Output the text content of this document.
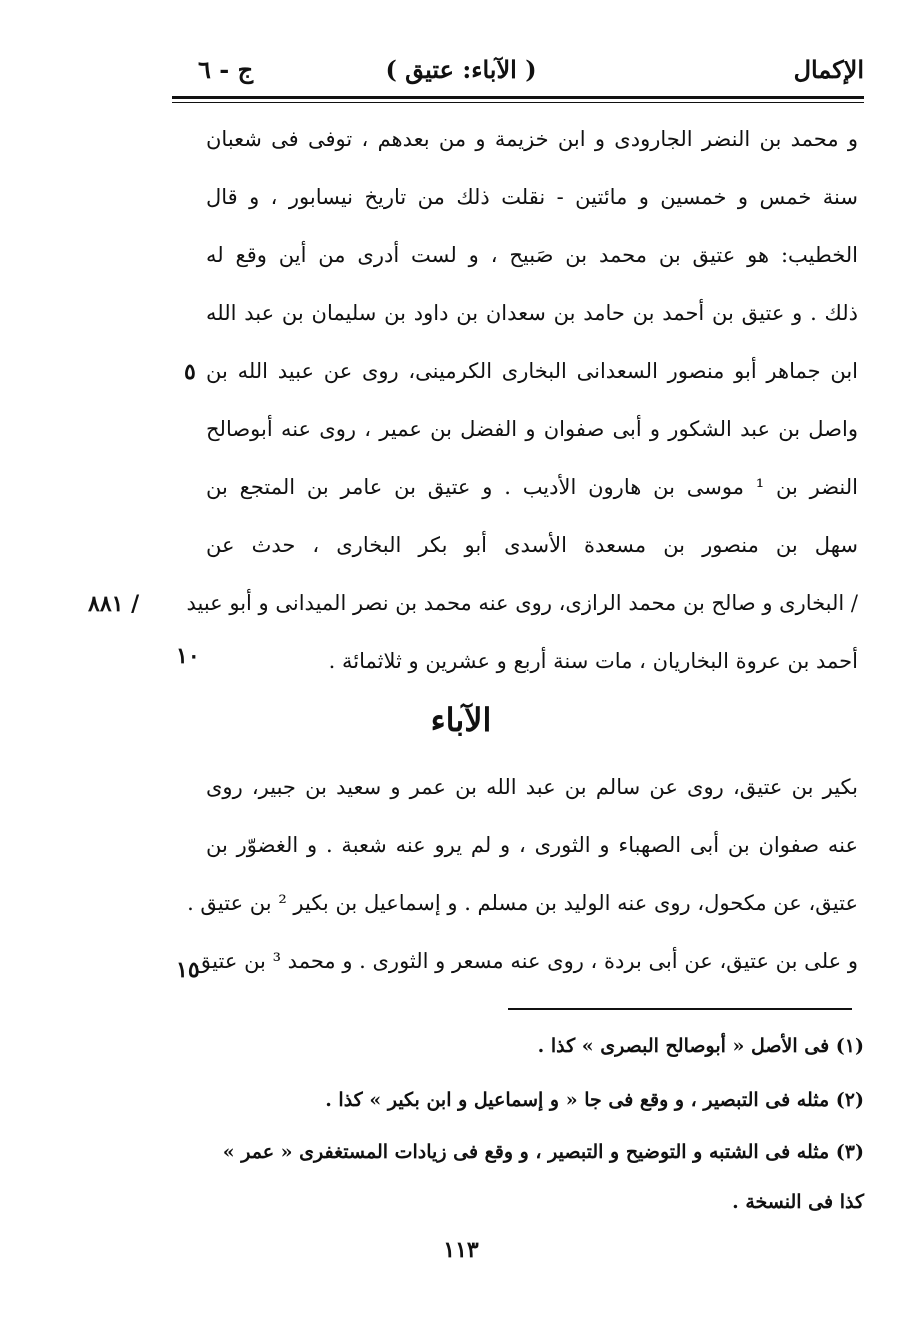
الإكمال
( الآباء: عتيق )
ج - ٦
و محمد بن النضر الجارودى و ابن خزيمة و من بعدهم ، توفى فى شعبان
سنة خمس و خمسين و مائتين - نقلت ذلك من تاريخ نيسابور ، و قال
الخطيب: هو عتيق بن محمد بن صَبيح ، و لست أدرى من أين وقع له
ذلك . و عتيق بن أحمد بن حامد بن سعدان بن داود بن سليمان بن عبد الله
ابن جماهر أبو منصور السعدانى البخارى الكرمينى، روى عن عبيد الله بن
واصل بن عبد الشكور و أبى صفوان و الفضل بن عمير ، روى عنه أبوصالح
النضر بن ¹ موسى بن هارون الأديب . و عتيق بن عامر بن المتجع بن
سهل بن منصور بن مسعدة الأسدى أبو بكر البخارى ، حدث عن
/ البخارى و صالح بن محمد الرازى، روى عنه محمد بن نصر الميدانى و أبو عبيد
أحمد بن عروة البخاريان ، مات سنة أربع و عشرين و ثلاثمائة .
٥
٨٨١ /
١٠
الآباء
بكير بن عتيق، روى عن سالم بن عبد الله بن عمر و سعيد بن جبير، روى
عنه صفوان بن أبى الصهباء و الثورى ، و لم يرو عنه شعبة . و الغضوّر بن
عتيق، عن مكحول، روى عنه الوليد بن مسلم . و إسماعيل بن بكير ² بن عتيق .
و على بن عتيق، عن أبى بردة ، روى عنه مسعر و الثورى . و محمد ³ بن عتيق
١٥
(١) فى الأصل « أبوصالح البصرى » كذا .
(٢) مثله فى التبصير ، و وقع فى جا « و إسماعيل و ابن بكير » كذا .
(٣) مثله فى الشتبه و التوضيح و التبصير ، و وقع فى زيادات المستغفرى « عمر »
كذا فى النسخة .
١١٣
